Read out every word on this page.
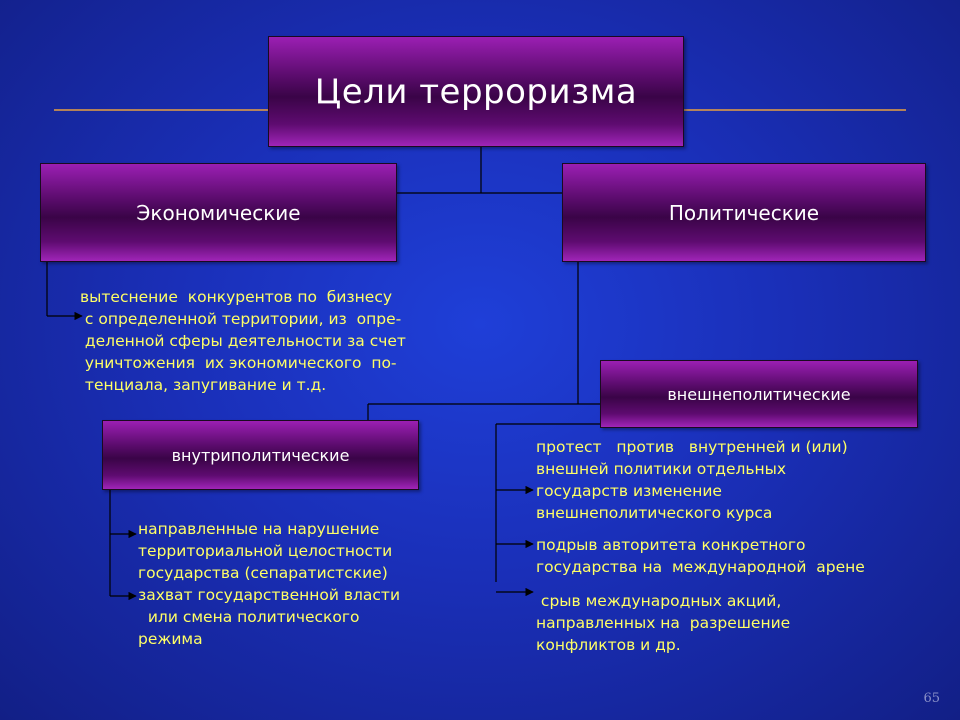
Цели терроризма
Экономические	Политические
вытеснение  конкурентов по  бизнесу
с определенной территории, из  опре-
деленной сферы деятельности за счет
уничтожения  их экономического  по-
тенциала, запугивание и т.д.	внешнеполитические
внутриполитические
направленные на нарушение
территориальной целостности
государства (сепаратистские)
захват государственной власти
или смена политического
режима
протест   против   внутренней и (или)
внешней политики отдельных
государств изменение
внешнеполитического курса
подрыв авторитета конкретного
государства на  международной  арене
срыв международных акций,
направленных на  разрешение
конфликтов и др.
65
